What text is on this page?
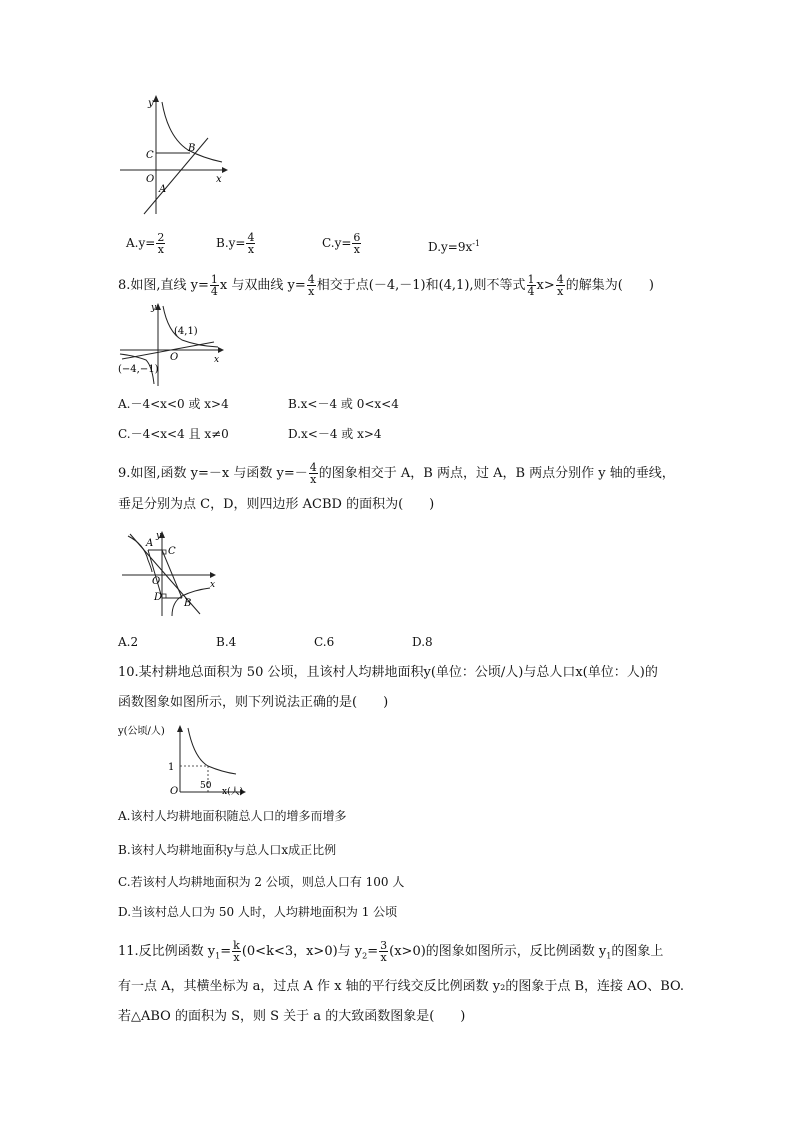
y
x
O
A
B
C
$A.y= \frac{2}{x}$	$B.y= \frac{4}{x}$	$C.y= \frac{6}{x}$	$D.y=9x^{-1}$
8.如图,直线 $y= \frac{1}{4}$ x 与双曲线 $y= \frac{4}{x}$ 相交于点(－4,－1)和(4,1),则不等式 $\frac{1}{4} x> \frac{4}{x}$ 的解集为(　　)
y
x
O
(4,1)
(−4,−1)
A.－4<x<0 或 x>4	B.x<－4 或 0<x<4
C.－4<x<4 且 x≠0	D.x<－4 或 x>4
9.如图,函数 y=－x 与函数 $y=- \frac{4}{x}$ 的图象相交于 A，B 两点，过 A，B 两点分别作 y 轴的垂线，
垂足分别为点 C，D，则四边形 ACBD 的面积为(　　)
y
x
A
C
O
D
B
A.2	B.4	C.6	D.8
10.某村耕地总面积为 50 公顷，且该村人均耕地面积y(单位：公顷/人)与总人口x(单位：人)的
函数图象如图所示，则下列说法正确的是(　　)
y(公顷/人)
1
50
O	x(人)
A.该村人均耕地面积随总人口的增多而增多
B.该村人均耕地面积y与总人口x成正比例
C.若该村人均耕地面积为 2 公顷，则总人口有 100 人
D.当该村总人口为 50 人时，人均耕地面积为 1 公顷
11.反比例函数 $y_1= \frac{k}{x} (0<k<3$，x>0)与 $y_2= \frac{3}{x} (x>0)$的图象如图所示，反比例函数 $y_1$的图象上
有一点 A，其横坐标为 a，过点 A 作 x 轴的平行线交反比例函数 y₂的图象于点 B，连接 AO、BO.
若△ABO 的面积为 S，则 S 关于 a 的大致函数图象是(　　)
